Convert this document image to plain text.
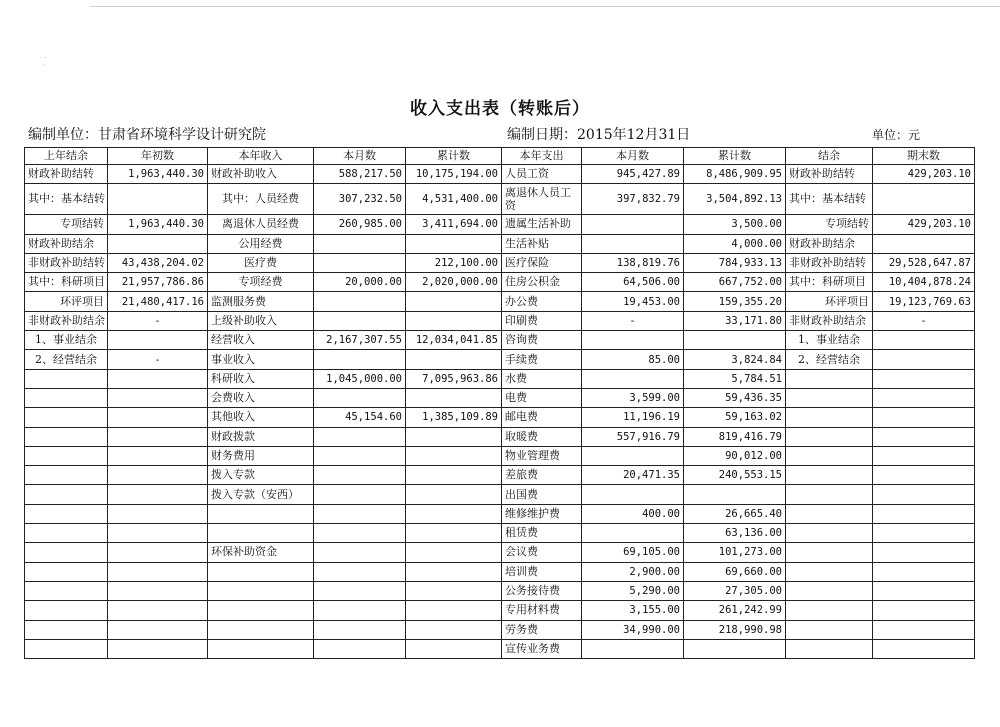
· ·
·
收入支出表（转账后）
编制单位：甘肃省环境科学设计研究院	编制日期：2015年12月31日	单位：元
上年结余	年初数	本年收入	本月数	累计数	本年支出	本月数	累计数	结余	期末数
财政补助结转	1,963,440.30	财政补助收入	588,217.50	10,175,194.00	人员工资	945,427.89	8,486,909.95	财政补助结转	429,203.10
其中：基本结转		其中：人员经费	307,232.50	4,531,400.00	离退休人员工资	397,832.79	3,504,892.13	其中：基本结转	
专项结转	1,963,440.30	离退休人员经费	260,985.00	3,411,694.00	遗属生活补助		3,500.00	专项结转	429,203.10
财政补助结余		公用经费			生活补贴		4,000.00	财政补助结余	
非财政补助结转	43,438,204.02	医疗费		212,100.00	医疗保险	138,819.76	784,933.13	非财政补助结转	29,528,647.87
其中：科研项目	21,957,786.86	专项经费	20,000.00	2,020,000.00	住房公积金	64,506.00	667,752.00	其中：科研项目	10,404,878.24
环评项目	21,480,417.16	监测服务费			办公费	19,453.00	159,355.20	环评项目	19,123,769.63
非财政补助结余	-	上级补助收入			印刷费	-	33,171.80	非财政补助结余	-
1、事业结余		经营收入	2,167,307.55	12,034,041.85	咨询费			1、事业结余	
2、经营结余	-	事业收入			手续费	85.00	3,824.84	2、经营结余	
		科研收入	1,045,000.00	7,095,963.86	水费		5,784.51		
		会费收入			电费	3,599.00	59,436.35		
		其他收入	45,154.60	1,385,109.89	邮电费	11,196.19	59,163.02		
		财政拨款			取暖费	557,916.79	819,416.79		
		财务费用			物业管理费		90,012.00		
		拨入专款			差旅费	20,471.35	240,553.15		
		拨入专款（安西）			出国费				
					维修维护费	400.00	26,665.40		
					租赁费		63,136.00		
		环保补助资金			会议费	69,105.00	101,273.00		
					培训费	2,900.00	69,660.00		
					公务接待费	5,290.00	27,305.00		
					专用材料费	3,155.00	261,242.99		
					劳务费	34,990.00	218,990.98		
					宣传业务费				
